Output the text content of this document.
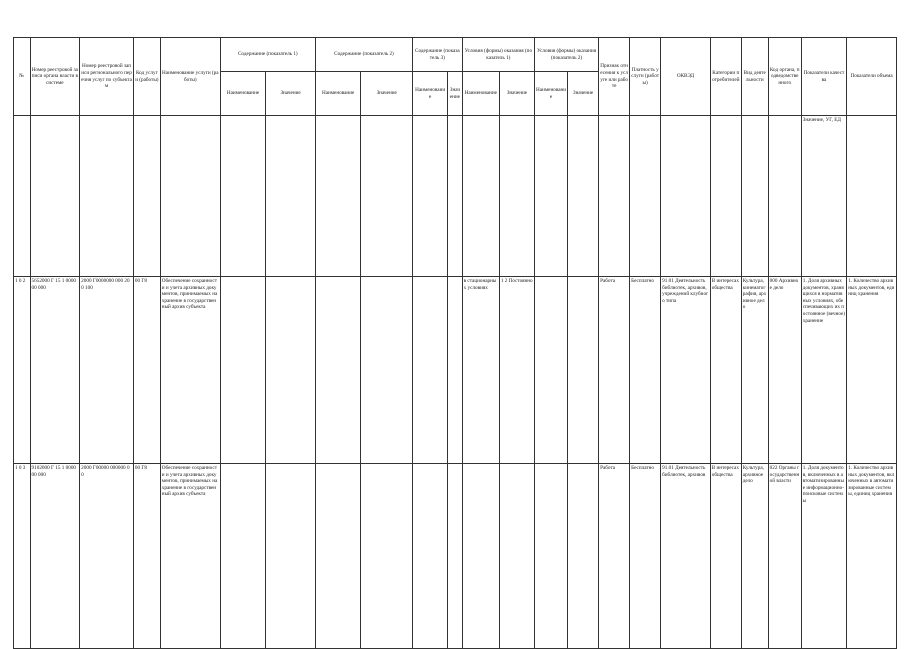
№	Номер реестровой записи органа власти в системе	Номер реестровой записи регионального перечня услуг по субъектам	Код услуги (работы)	Наименование услуги (работы)	Содержание (показатель 1)		Содержание (показатель 2)		Содержание (показатель 3)		Условия (формы) оказания (показатель 1)		Условия (формы) оказания (показатель 2)		Признак отнесения к услуге или работе	Платность услуги (работы)	ОКВЭД	Категории потребителей	Вид деятельности	Код органа, подведомственного	Показатели качества	Показатели объема
					Наименование	Значение	Наименование	Значение	Наименование	Значение	Наименование	Значение	Наименование	Значение								
																					Значение, УГ, ЕД	
1 0 2	5652000 Г 15 1 000000 000	2000 Г0000000 000 200 100	00 Г8	Обеспечение сохранности и учета архивных документов, принимаемых на хранение в государственный архив субъекта							в стационарных условиях	1 2 Постоянно			Работа	Бесплатно	91.01 Деятельность библиотек, архивов, учреждений клубного типа	В интересах общества	Культура, кинематография, архивное дело	000 Архивное дело	1. Доля архивных документов, хранящихся в нормативных условиях, обеспечивающих их постоянное (вечное) хранение	1. Количество архивных документов, единиц хранения
1 0 3	9102000 Г 15 1 000000 000	2000 Г00000 000000 00	00 Г8	Обеспечение сохранности и учета архивных документов, принимаемых на хранение в государственный архив субъекта											Работа	Бесплатно	91.01 Деятельность библиотек, архивов	В интересах общества	Культура, архивное дело	022 Органы государственной власти	1. Доля документов, включенных в автоматизированные информационно-поисковые системы	1. Количество архивных документов, включенных в автоматизированные системы, единиц хранения
